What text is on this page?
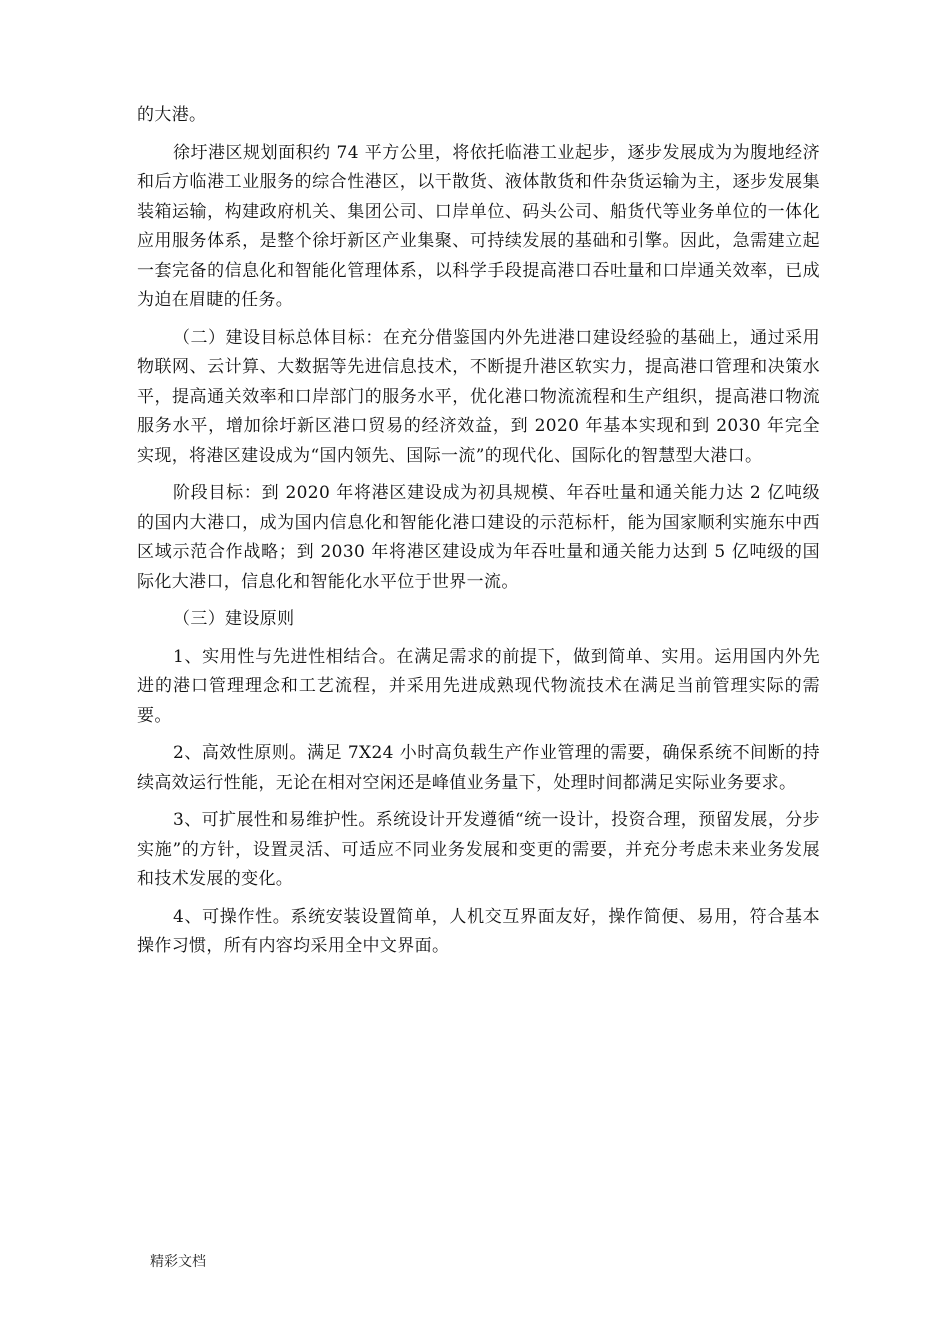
的大港。

徐圩港区规划面积约 74 平方公里，将依托临港工业起步，逐步发展成为为腹地经济和后方临港工业服务的综合性港区，以干散货、液体散货和件杂货运输为主，逐步发展集装箱运输，构建政府机关、集团公司、口岸单位、码头公司、船货代等业务单位的一体化应用服务体系，是整个徐圩新区产业集聚、可持续发展的基础和引擎。因此，急需建立起一套完备的信息化和智能化管理体系，以科学手段提高港口吞吐量和口岸通关效率，已成为迫在眉睫的任务。

（二）建设目标总体目标：在充分借鉴国内外先进港口建设经验的基础上，通过采用物联网、云计算、大数据等先进信息技术，不断提升港区软实力，提高港口管理和决策水平，提高通关效率和口岸部门的服务水平，优化港口物流流程和生产组织，提高港口物流服务水平，增加徐圩新区港口贸易的经济效益，到 2020 年基本实现和到 2030 年完全实现，将港区建设成为“国内领先、国际一流”的现代化、国际化的智慧型大港口。

阶段目标：到 2020 年将港区建设成为初具规模、年吞吐量和通关能力达 2 亿吨级的国内大港口，成为国内信息化和智能化港口建设的示范标杆，能为国家顺利实施东中西区域示范合作战略；到 2030 年将港区建设成为年吞吐量和通关能力达到 5 亿吨级的国际化大港口，信息化和智能化水平位于世界一流。

（三）建设原则

1、实用性与先进性相结合。在满足需求的前提下，做到简单、实用。运用国内外先进的港口管理理念和工艺流程，并采用先进成熟现代物流技术在满足当前管理实际的需要。

2、高效性原则。满足 7X24 小时高负载生产作业管理的需要，确保系统不间断的持续高效运行性能，无论在相对空闲还是峰值业务量下，处理时间都满足实际业务要求。

3、可扩展性和易维护性。系统设计开发遵循“统一设计，投资合理，预留发展，分步实施”的方针，设置灵活、可适应不同业务发展和变更的需要，并充分考虑未来业务发展和技术发展的变化。

4、可操作性。系统安装设置简单，人机交互界面友好，操作简便、易用，符合基本操作习惯，所有内容均采用全中文界面。

精彩文档
